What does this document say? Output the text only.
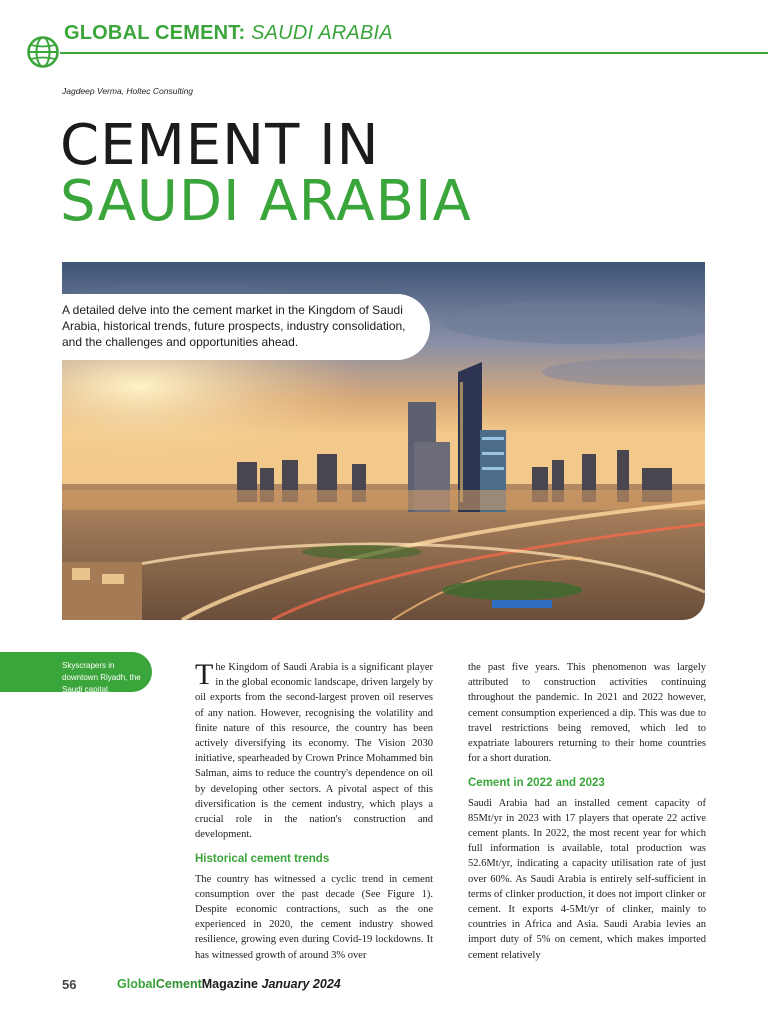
GLOBAL CEMENT: SAUDI ARABIA
Jagdeep Verma, Holtec Consulting
CEMENT IN
SAUDI ARABIA
A detailed delve into the cement market in the Kingdom of Saudi Arabia, historical trends, future prospects, industry consolidation, and the challenges and opportunities ahead.
Skyscrapers in downtown Riyadh, the Saudi capital.	The Kingdom of Saudi Arabia is a significant player in the global economic landscape, driven largely by oil exports from the second-largest proven oil reserves of any nation. However, recognising the volatility and finite nature of this resource, the country has been actively diversifying its economy. The Vision 2030 initiative, spearheaded by Crown Prince Mohammed bin Salman, aims to reduce the country's dependence on oil by developing other sectors. A pivotal aspect of this diversification is the cement industry, which plays a crucial role in the nation's construction and development.

Historical cement trends

The country has witnessed a cyclic trend in cement consumption over the past decade (See Figure 1). Despite economic contractions, such as the one experienced in 2020, the cement industry showed resilience, growing even during Covid-19 lockdowns. It has witnessed growth of around 3% over

the past five years. This phenomenon was largely attributed to construction activities continuing throughout the pandemic. In 2021 and 2022 however, cement consumption experienced a dip. This was due to travel restrictions being removed, which led to expatriate labourers returning to their home countries for a short duration.

Cement in 2022 and 2023

Saudi Arabia had an installed cement capacity of 85Mt/yr in 2023 with 17 players that operate 22 active cement plants. In 2022, the most recent year for which full information is available, total production was 52.6Mt/yr, indicating a capacity utilisation rate of just over 60%. As Saudi Arabia is entirely self-sufficient in terms of clinker production, it does not import clinker or cement. It exports 4-5Mt/yr of clinker, mainly to countries in Africa and Asia. Saudi Arabia levies an import duty of 5% on cement, which makes imported cement relatively

56	GlobalCementMagazine January 2024
